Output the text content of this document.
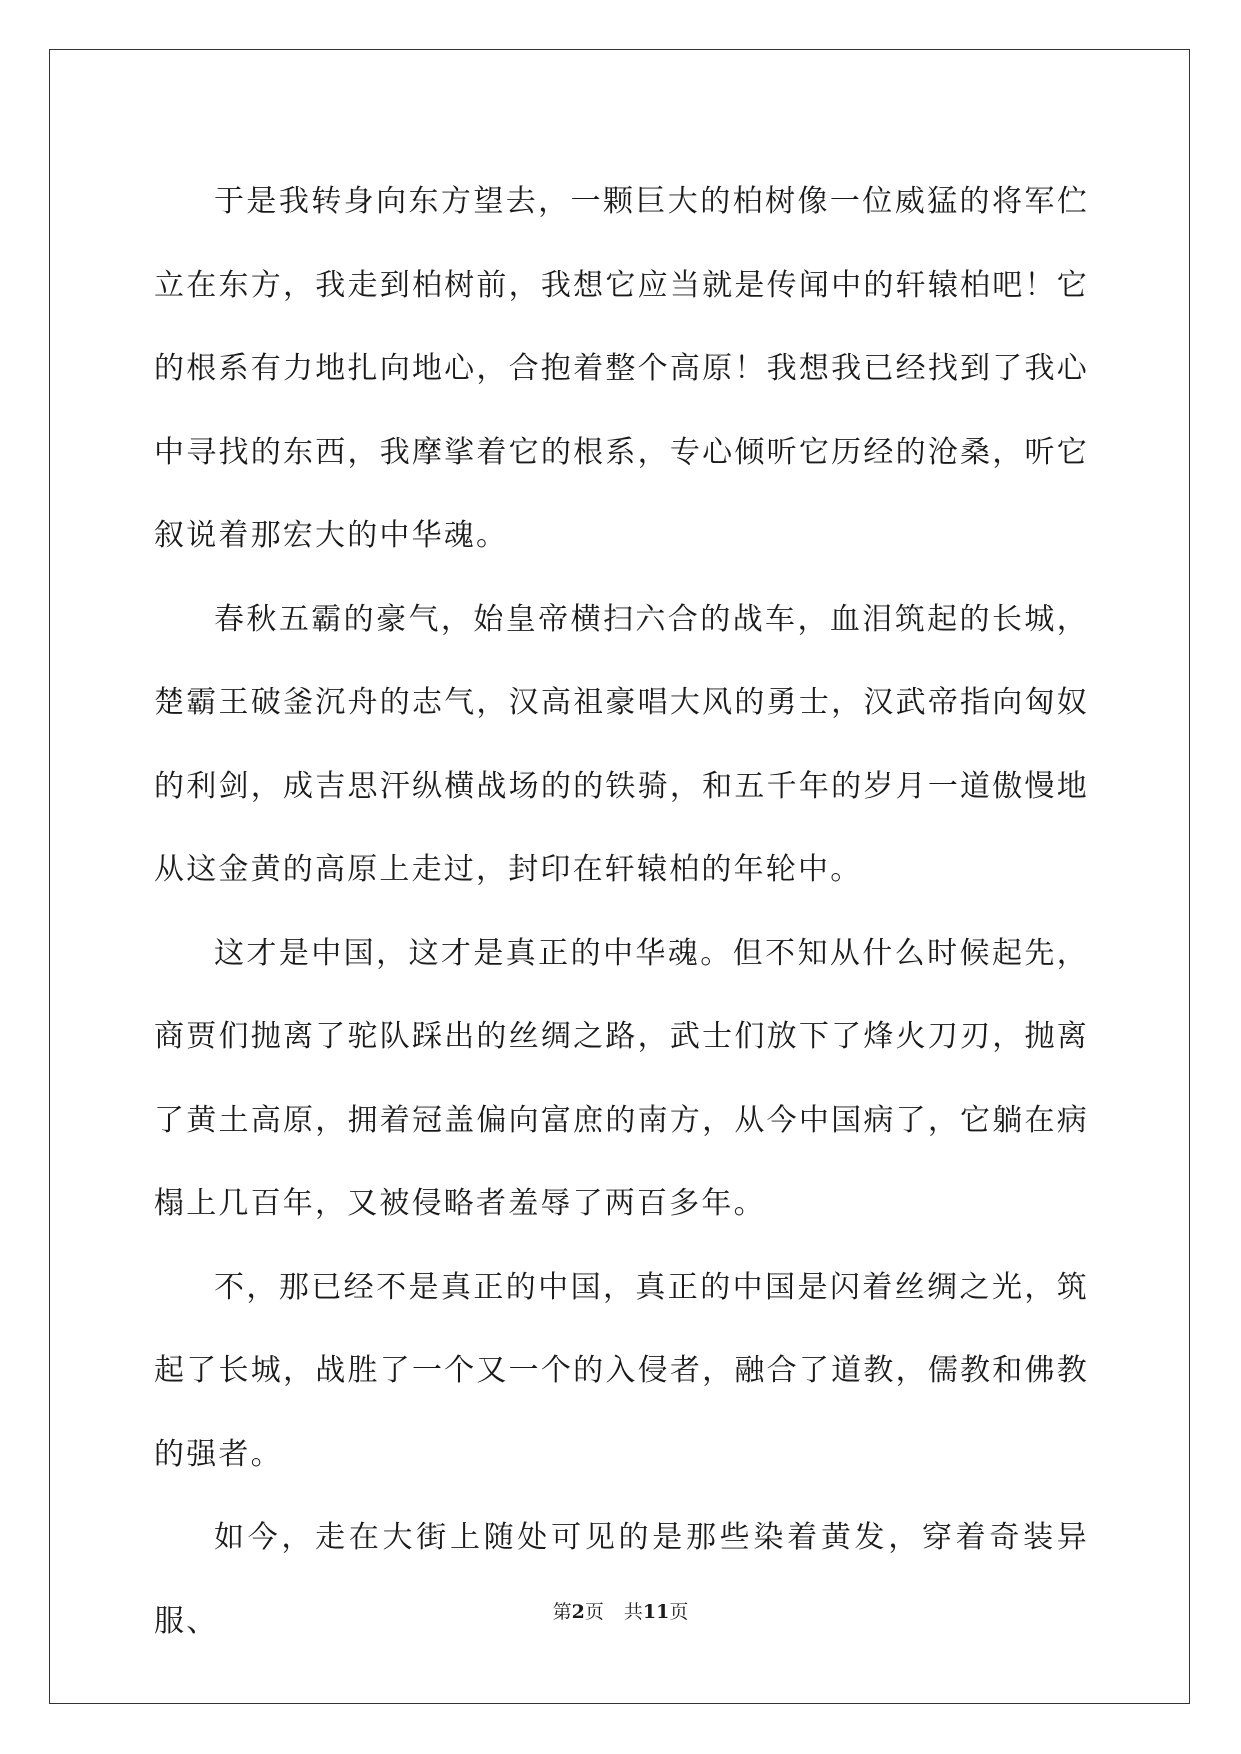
于是我转身向东方望去，一颗巨大的柏树像一位威猛的将军伫立在东方，我走到柏树前，我想它应当就是传闻中的轩辕柏吧！它的根系有力地扎向地心，合抱着整个高原！我想我已经找到了我心中寻找的东西，我摩挲着它的根系，专心倾听它历经的沧桑，听它叙说着那宏大的中华魂。

春秋五霸的豪气，始皇帝横扫六合的战车，血泪筑起的长城，楚霸王破釜沉舟的志气，汉高祖豪唱大风的勇士，汉武帝指向匈奴的利剑，成吉思汗纵横战场的的铁骑，和五千年的岁月一道傲慢地从这金黄的高原上走过，封印在轩辕柏的年轮中。

这才是中国，这才是真正的中华魂。但不知从什么时候起先，商贾们抛离了驼队踩出的丝绸之路，武士们放下了烽火刀刃，抛离了黄土高原，拥着冠盖偏向富庶的南方，从今中国病了，它躺在病榻上几百年，又被侵略者羞辱了两百多年。

不，那已经不是真正的中国，真正的中国是闪着丝绸之光，筑起了长城，战胜了一个又一个的入侵者，融合了道教，儒教和佛教的强者。

如今，走在大街上随处可见的是那些染着黄发，穿着奇装异服、	第2页 共11页
